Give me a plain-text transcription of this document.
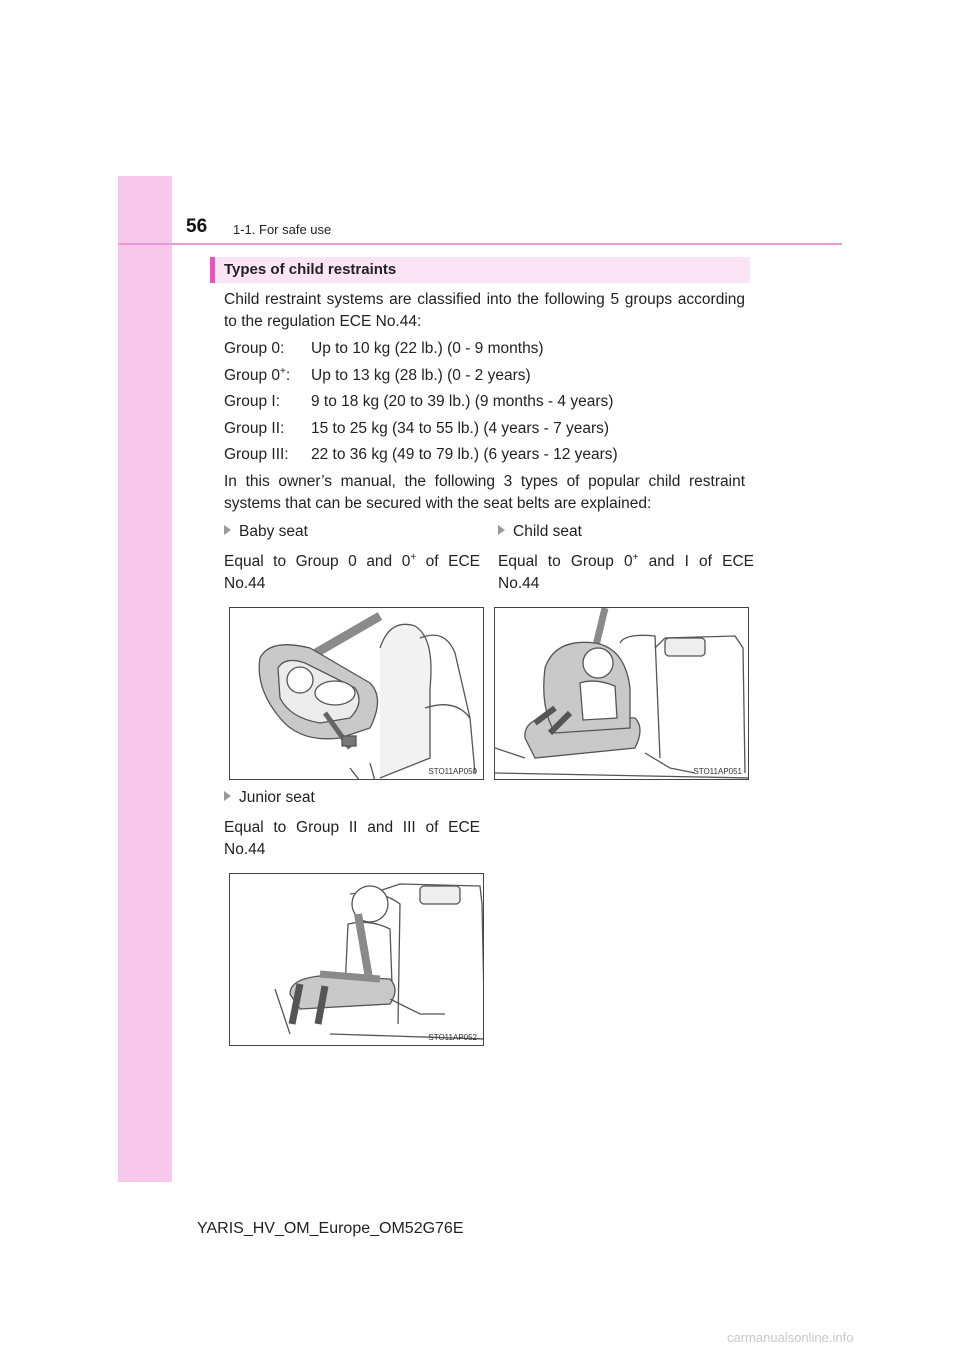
56 1-1. For safe use
Types of child restraints
Child restraint systems are classified into the following 5 groups according to the regulation ECE No.44:
Group 0: Up to 10 kg (22 lb.) (0 - 9 months)
Group 0+: Up to 13 kg (28 lb.) (0 - 2 years)
Group I: 9 to 18 kg (20 to 39 lb.) (9 months - 4 years)
Group II: 15 to 25 kg (34 to 55 lb.) (4 years - 7 years)
Group III: 22 to 36 kg (49 to 79 lb.) (6 years - 12 years)
In this owner’s manual, the following 3 types of popular child restraint systems that can be secured with the seat belts are explained:
Baby seat
Equal to Group 0 and 0+ of ECE No.44
Child seat
Equal to Group 0+ and I of ECE No.44
STO11AP050	STO11AP051
Junior seat
Equal to Group II and III of ECE No.44
STO11AP052
YARIS_HV_OM_Europe_OM52G76E
carmanualsonline.info
